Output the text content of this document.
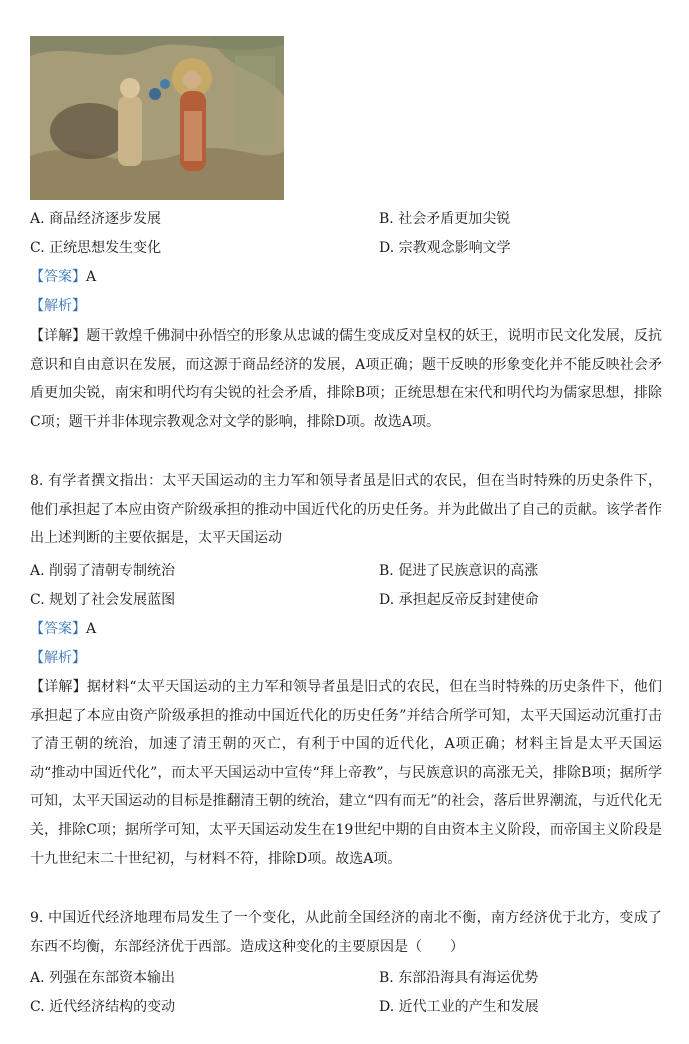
A. 商品经济逐步发展	B. 社会矛盾更加尖锐
C. 正统思想发生变化	D. 宗教观念影响文学
【答案】A
【解析】
【详解】题干敦煌千佛洞中孙悟空的形象从忠诚的儒生变成反对皇权的妖王，说明市民文化发展，反抗意识和自由意识在发展，而这源于商品经济的发展，A项正确；题干反映的形象变化并不能反映社会矛盾更加尖锐，南宋和明代均有尖锐的社会矛盾，排除B项；正统思想在宋代和明代均为儒家思想，排除C项；题干并非体现宗教观念对文学的影响，排除D项。故选A项。
8. 有学者撰文指出：太平天国运动的主力军和领导者虽是旧式的农民，但在当时特殊的历史条件下，他们承担起了本应由资产阶级承担的推动中国近代化的历史任务。并为此做出了自己的贡献。该学者作出上述判断的主要依据是，太平天国运动
A. 削弱了清朝专制统治	B. 促进了民族意识的高涨
C. 规划了社会发展蓝图	D. 承担起反帝反封建使命
【答案】A
【解析】
【详解】据材料“太平天国运动的主力军和领导者虽是旧式的农民，但在当时特殊的历史条件下，他们承担起了本应由资产阶级承担的推动中国近代化的历史任务”并结合所学可知，太平天国运动沉重打击了清王朝的统治，加速了清王朝的灭亡，有利于中国的近代化，A项正确；材料主旨是太平天国运动“推动中国近代化”，而太平天国运动中宣传“拜上帝教”，与民族意识的高涨无关，排除B项；据所学可知，太平天国运动的目标是推翻清王朝的统治，建立“四有而无”的社会，落后世界潮流，与近代化无关，排除C项；据所学可知，太平天国运动发生在19世纪中期的自由资本主义阶段，而帝国主义阶段是十九世纪末二十世纪初，与材料不符，排除D项。故选A项。
9. 中国近代经济地理布局发生了一个变化，从此前全国经济的南北不衡，南方经济优于北方，变成了东西不均衡，东部经济优于西部。造成这种变化的主要原因是（　　）
A. 列强在东部资本输出	B. 东部沿海具有海运优势
C. 近代经济结构的变动	D. 近代工业的产生和发展
